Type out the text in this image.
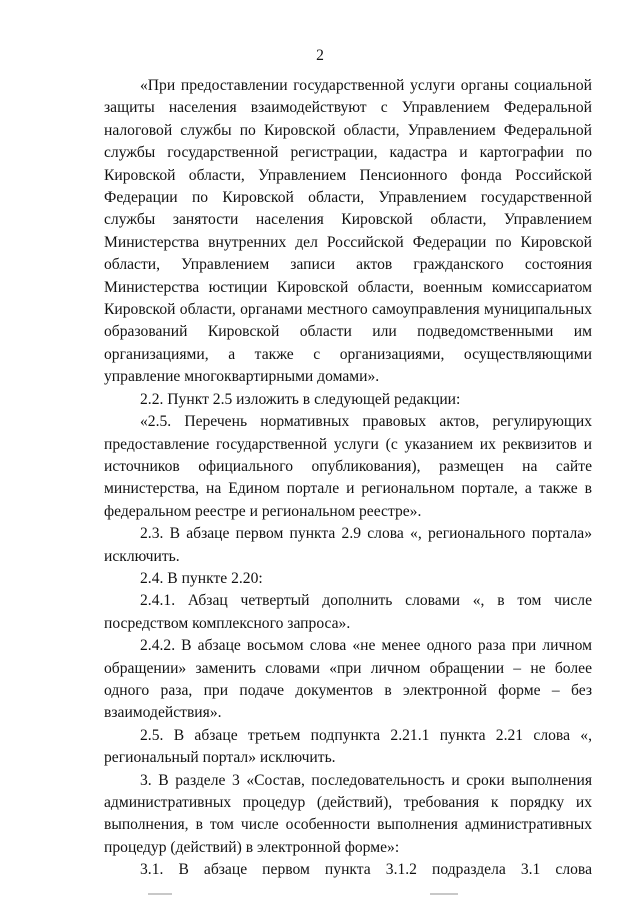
2

«При предоставлении государственной услуги органы социальной защиты населения взаимодействуют с Управлением Федеральной налоговой службы по Кировской области, Управлением Федеральной службы государственной регистрации, кадастра и картографии по Кировской области, Управлением Пенсионного фонда Российской Федерации по Кировской области, Управлением государственной службы занятости населения Кировской области, Управлением Министерства внутренних дел Российской Федерации по Кировской области, Управлением записи актов гражданского состояния Министерства юстиции Кировской области, военным комиссариатом Кировской области, органами местного самоуправления муниципальных образований Кировской области или подведомственными им организациями, а также с организациями, осуществляющими управление многоквартирными домами».

2.2. Пункт 2.5 изложить в следующей редакции:

«2.5. Перечень нормативных правовых актов, регулирующих предоставление государственной услуги (с указанием их реквизитов и источников официального опубликования), размещен на сайте министерства, на Едином портале и региональном портале, а также в федеральном реестре и региональном реестре».

2.3. В абзаце первом пункта 2.9 слова «, регионального портала» исключить.

2.4. В пункте 2.20:

2.4.1. Абзац четвертый дополнить словами «, в том числе посредством комплексного запроса».

2.4.2. В абзаце восьмом слова «не менее одного раза при личном обращении» заменить словами «при личном обращении – не более одного раза, при подаче документов в электронной форме – без взаимодействия».

2.5. В абзаце третьем подпункта 2.21.1 пункта 2.21 слова «, региональный портал» исключить.

3. В разделе 3 «Состав, последовательность и сроки выполнения административных процедур (действий), требования к порядку их выполнения, в том числе особенности выполнения административных процедур (действий) в электронной форме»:

3.1. В абзаце первом пункта 3.1.2 подраздела 3.1 слова
